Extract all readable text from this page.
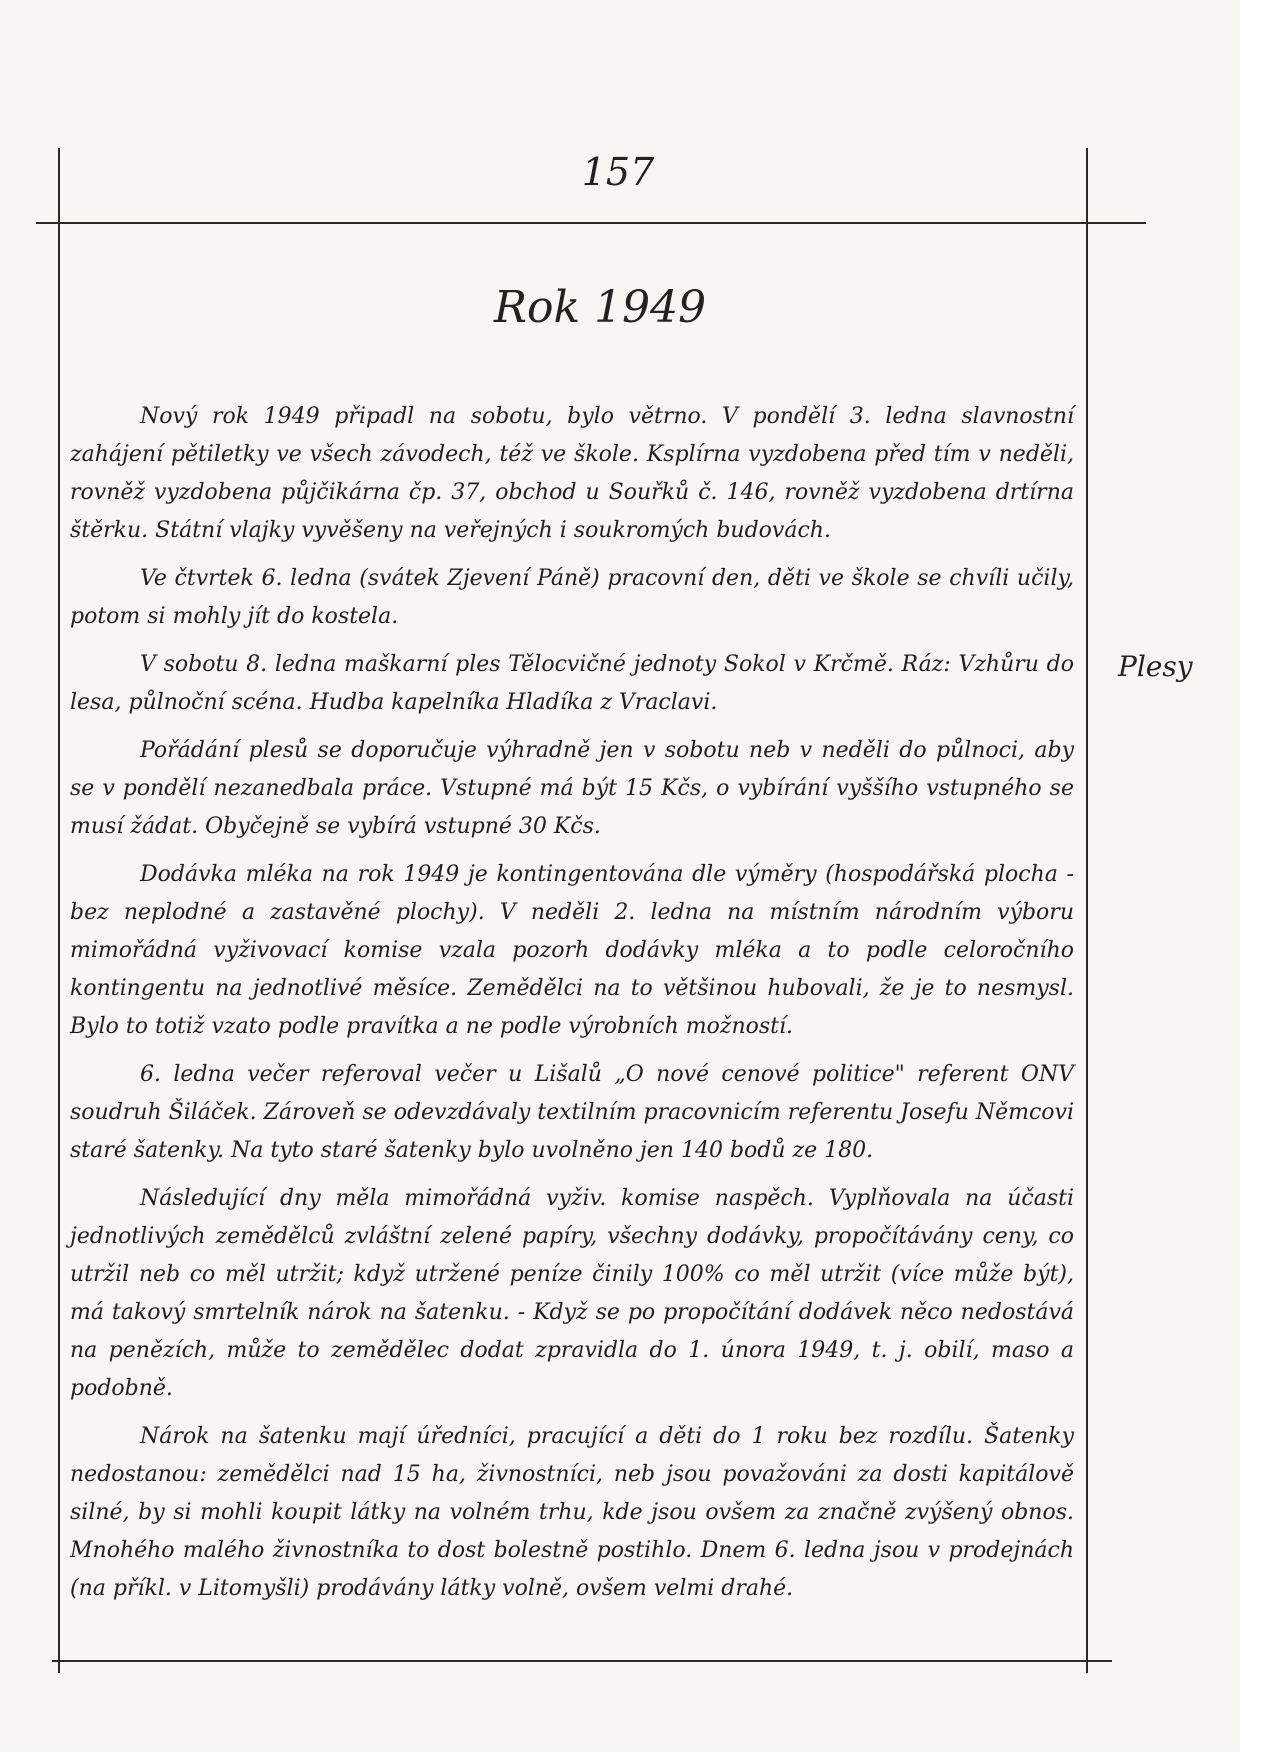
157
Rok 1949

Nový rok 1949 připadl na sobotu, bylo větrno. V pondělí 3. ledna slavnostní zahájení pětiletky ve všech závodech, též ve škole. Ksplírna vyzdobena před tím v neděli, rovněž vyzdobena půjčikárna čp. 37, obchod u Souřků č. 146, rovněž vyzdobena drtírna štěrku. Státní vlajky vyvěšeny na veřejných i soukromých budovách.

Ve čtvrtek 6. ledna (svátek Zjevení Páně) pracovní den, děti ve škole se chvíli učily, potom si mohly jít do kostela.

V sobotu 8. ledna maškarní ples Tělocvičné jednoty Sokol v Krčmě. Ráz: Vzhůru do lesa, půlnoční scéna. Hudba kapelníka Hladíka z Vraclavi.

Pořádání plesů se doporučuje výhradně jen v sobotu neb v neděli do půlnoci, aby se v pondělí nezanedbala práce. Vstupné má být 15 Kčs, o vybírání vyššího vstupného se musí žádat. Obyčejně se vybírá vstupné 30 Kčs.

Dodávka mléka na rok 1949 je kontingentována dle výměry (hospodářská plocha - bez neplodné a zastavěné plochy). V neděli 2. ledna na místním národním výboru mimořádná vyživovací komise vzala pozorh dodávky mléka a to podle celoročního kontingentu na jednotlivé měsíce. Zemědělci na to většinou hubovali, že je to nesmysl. Bylo to totiž vzato podle pravítka a ne podle výrobních možností.

6. ledna večer referoval večer u Lišalů „O nové cenové politice" referent ONV soudruh Šiláček. Zároveň se odevzdávaly textilním pracovnicím referentu Josefu Němcovi staré šatenky. Na tyto staré šatenky bylo uvolněno jen 140 bodů ze 180.

Následující dny měla mimořádná vyživ. komise naspěch. Vyplňovala na účasti jednotlivých zemědělců zvláštní zelené papíry, všechny dodávky, propočítávány ceny, co utržil neb co měl utržit; když utržené peníze činily 100% co měl utržit (více může být), má takový smrtelník nárok na šatenku. - Když se po propočítání dodávek něco nedostává na penězích, může to zemědělec dodat zpravidla do 1. února 1949, t. j. obilí, maso a podobně.

Nárok na šatenku mají úředníci, pracující a děti do 1 roku bez rozdílu. Šatenky nedostanou: zemědělci nad 15 ha, živnostníci, neb jsou považováni za dosti kapitálově silné, by si mohli koupit látky na volném trhu, kde jsou ovšem za značně zvýšený obnos. Mnohého malého živnostníka to dost bolestně postihlo. Dnem 6. ledna jsou v prodejnách (na příkl. v Litomyšli) prodávány látky volně, ovšem velmi drahé.

Plesy
